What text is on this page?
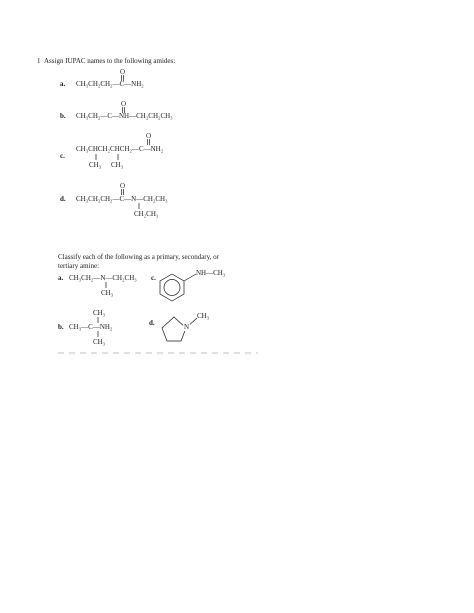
1 Assign IUPAC names to the following amides:
a.
O
CH₃CH₂CH₂—C—NH₂
b.
O
CH₃CH₂—C—NH—CH₂CH₂CH₃
c.
O
CH₃CHCH₂CHCH₂—C—NH₂
CH₃ CH₃
d.
O
CH₃CH₂CH₂—C—N—CH₂CH₃
CH₂CH₃
Classify each of the following as a primary, secondary, or
tertiary amine:
a. CH₃CH₂—N—CH₂CH₃
CH₃
c.
NH—CH₃
CH₃
b. CH₃—C—NH₂
CH₃
d.	N
CH₃
